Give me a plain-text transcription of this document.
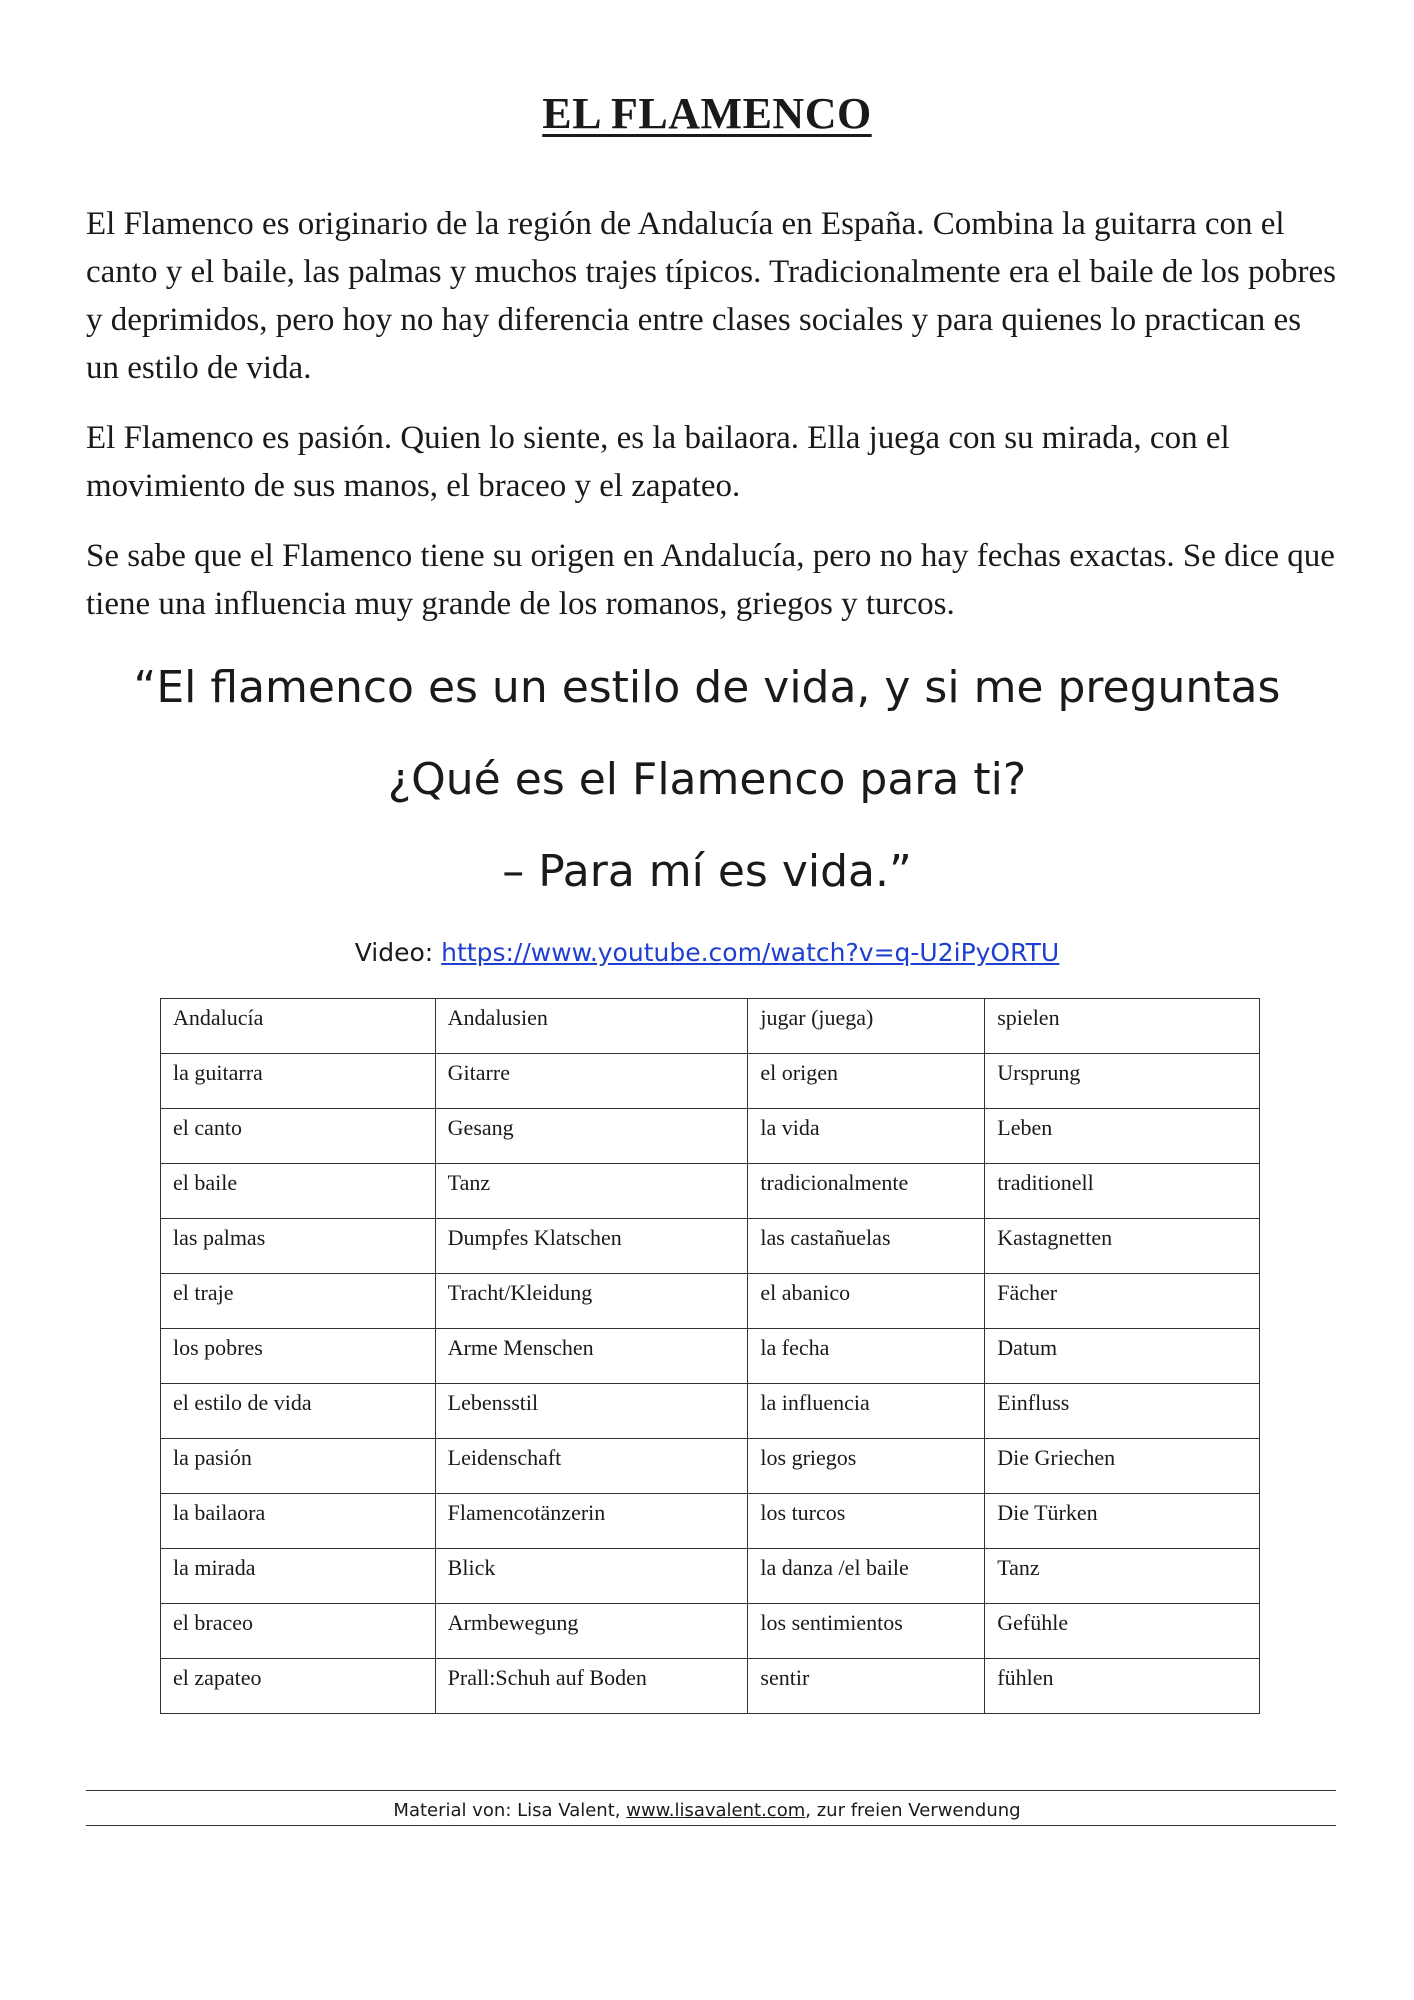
EL FLAMENCO

El Flamenco es originario de la región de Andalucía en España. Combina la guitarra con el canto y el baile, las palmas y muchos trajes típicos. Tradicionalmente era el baile de los pobres y deprimidos, pero hoy no hay diferencia entre clases sociales y para quienes lo practican es un estilo de vida.

El Flamenco es pasión. Quien lo siente, es la bailaora. Ella juega con su mirada, con el movimiento de sus manos, el braceo y el zapateo.

Se sabe que el Flamenco tiene su origen en Andalucía, pero no hay fechas exactas. Se dice que tiene una influencia muy grande de los romanos, griegos y turcos.

“El flamenco es un estilo de vida, y si me preguntas
¿Qué es el Flamenco para ti?
– Para mí es vida.”
Video: https://www.youtube.com/watch?v=q-U2iPyORTU
Andalucía	Andalusien	jugar (juega)	spielen
la guitarra	Gitarre	el origen	Ursprung
el canto	Gesang	la vida	Leben
el baile	Tanz	tradicionalmente	traditionell
las palmas	Dumpfes Klatschen	las castañuelas	Kastagnetten
el traje	Tracht/Kleidung	el abanico	Fächer
los pobres	Arme Menschen	la fecha	Datum
el estilo de vida	Lebensstil	la influencia	Einfluss
la pasión	Leidenschaft	los griegos	Die Griechen
la bailaora	Flamencotänzerin	los turcos	Die Türken
la mirada	Blick	la danza /el baile	Tanz
el braceo	Armbewegung	los sentimientos	Gefühle
el zapateo	Prall:Schuh auf Boden	sentir	fühlen
Material von: Lisa Valent, www.lisavalent.com, zur freien Verwendung
